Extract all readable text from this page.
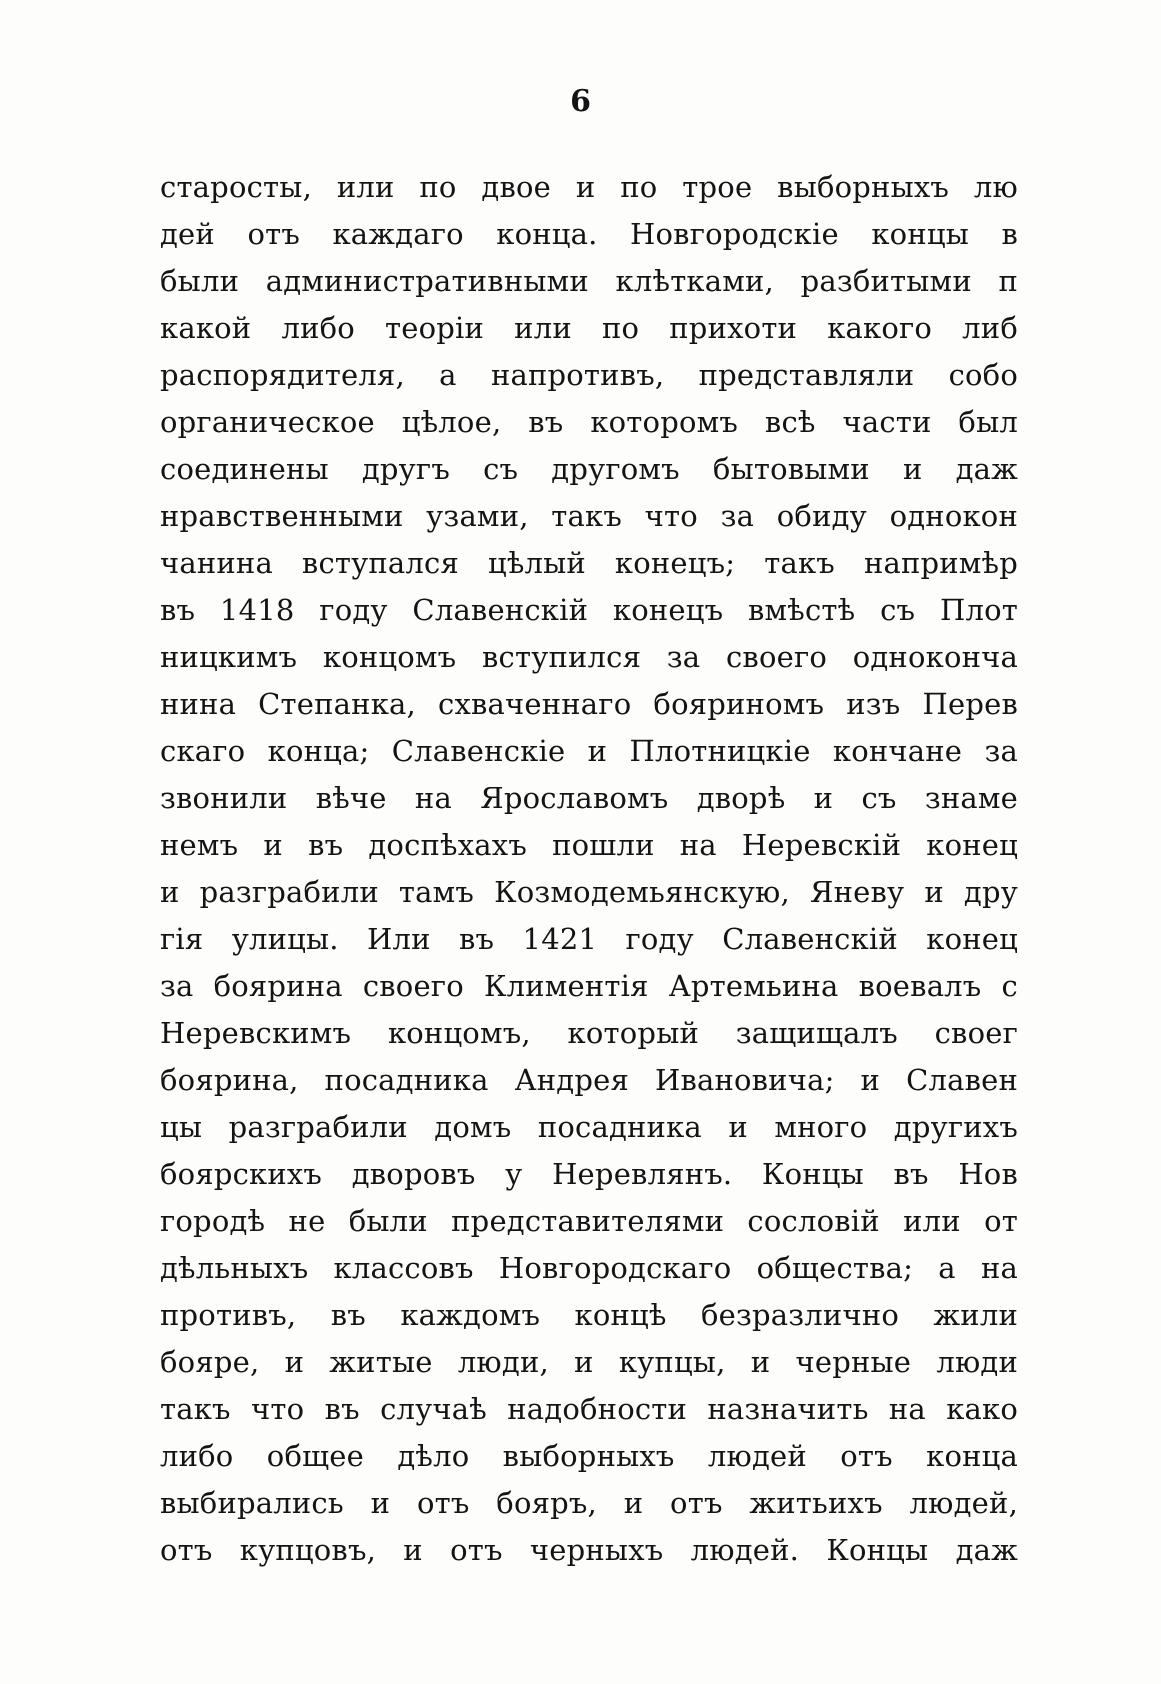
6
старосты, или по двое и по трое выборныхъ лю
дей отъ каждаго конца. Новгородскіе концы в
были административными клѣтками, разбитыми п
какой либо теоріи или по прихоти какого либ
распорядителя, а напротивъ, представляли собо
органическое цѣлое, въ которомъ всѣ части был
соединены другъ съ другомъ бытовыми и даж
нравственными узами, такъ что за обиду однокон
чанина вступался цѣлый конецъ; такъ напримѣр
въ 1418 году Славенскій конецъ вмѣстѣ съ Плот
ницкимъ концомъ вступился за своего одноконча
нина Степанка, схваченнаго бояриномъ изъ Перев
скаго конца; Славенскіе и Плотницкіе кончане за
звонили вѣче на Ярославомъ дворѣ и съ знаме
немъ и въ доспѣхахъ пошли на Неревскій конец
и разграбили тамъ Козмодемьянскую, Яневу и дру
гія улицы. Или въ 1421 году Славенскій конец
за боярина своего Климентія Артемьина воевалъ с
Неревскимъ концомъ, который защищалъ своег
боярина, посадника Андрея Ивановича; и Славен
цы разграбили домъ посадника и много другихъ
боярскихъ дворовъ у Неревлянъ. Концы въ Нов
городѣ не были представителями сословій или от
дѣльныхъ классовъ Новгородскаго общества; а на
противъ, въ каждомъ концѣ безразлично жили
бояре, и житые люди, и купцы, и черные люди
такъ что въ случаѣ надобности назначить на како
либо общее дѣло выборныхъ людей отъ конца
выбирались и отъ бояръ, и отъ житьихъ людей,
отъ купцовъ, и отъ черныхъ людей. Концы даж
